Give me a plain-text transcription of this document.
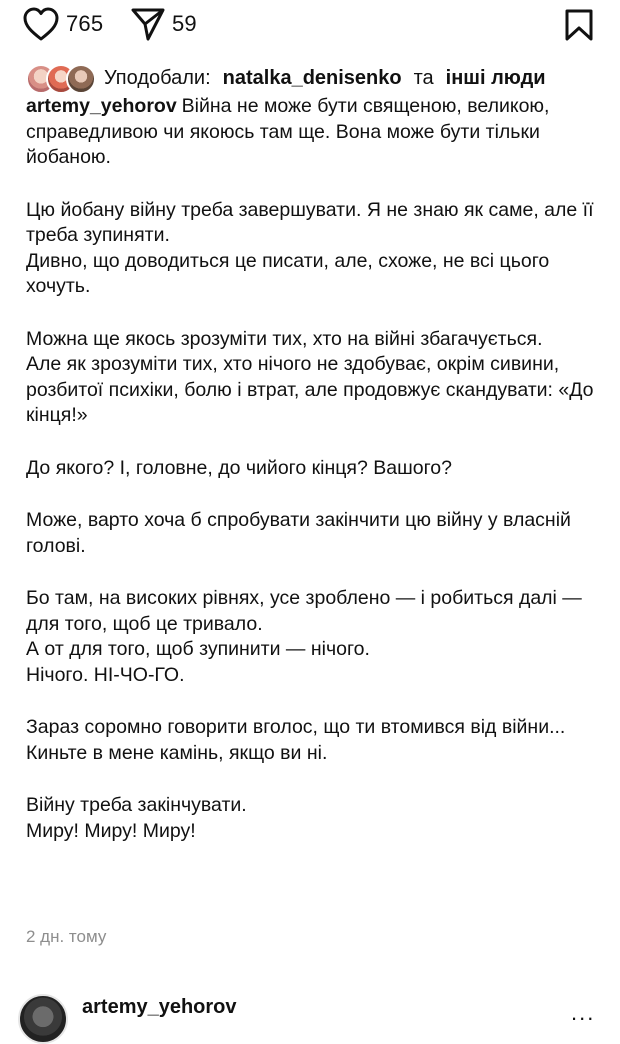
765	59
Уподобали: natalka_denisenko та інші люди

artemy_yehorov Війна не може бути священою, великою, справедливою чи якоюсь там ще. Вона може бути тільки йобаною.

Цю йобану війну треба завершувати. Я не знаю як саме, але її треба зупиняти.

Дивно, що доводиться це писати, але, схоже, не всі цього хочуть.

Можна ще якось зрозуміти тих, хто на війні збагачується.

Але як зрозуміти тих, хто нічого не здобуває, окрім сивини, розбитої психіки, болю і втрат, але продовжує скандувати: «До кінця!»

До якого? І, головне, до чийого кінця? Вашого?

Може, варто хоча б спробувати закінчити цю війну у власній голові.

Бо там, на високих рівнях, усе зроблено — і робиться далі — для того, щоб це тривало.

А от для того, щоб зупинити — нічого.

Нічого. НІ-ЧО-ГО.

Зараз соромно говорити вголос, що ти втомився від війни... Киньте в мене камінь, якщо ви ні.

Війну треба закінчувати.

Миру! Миру! Миру!

2 дн. тому
artemy_yehorov	...
